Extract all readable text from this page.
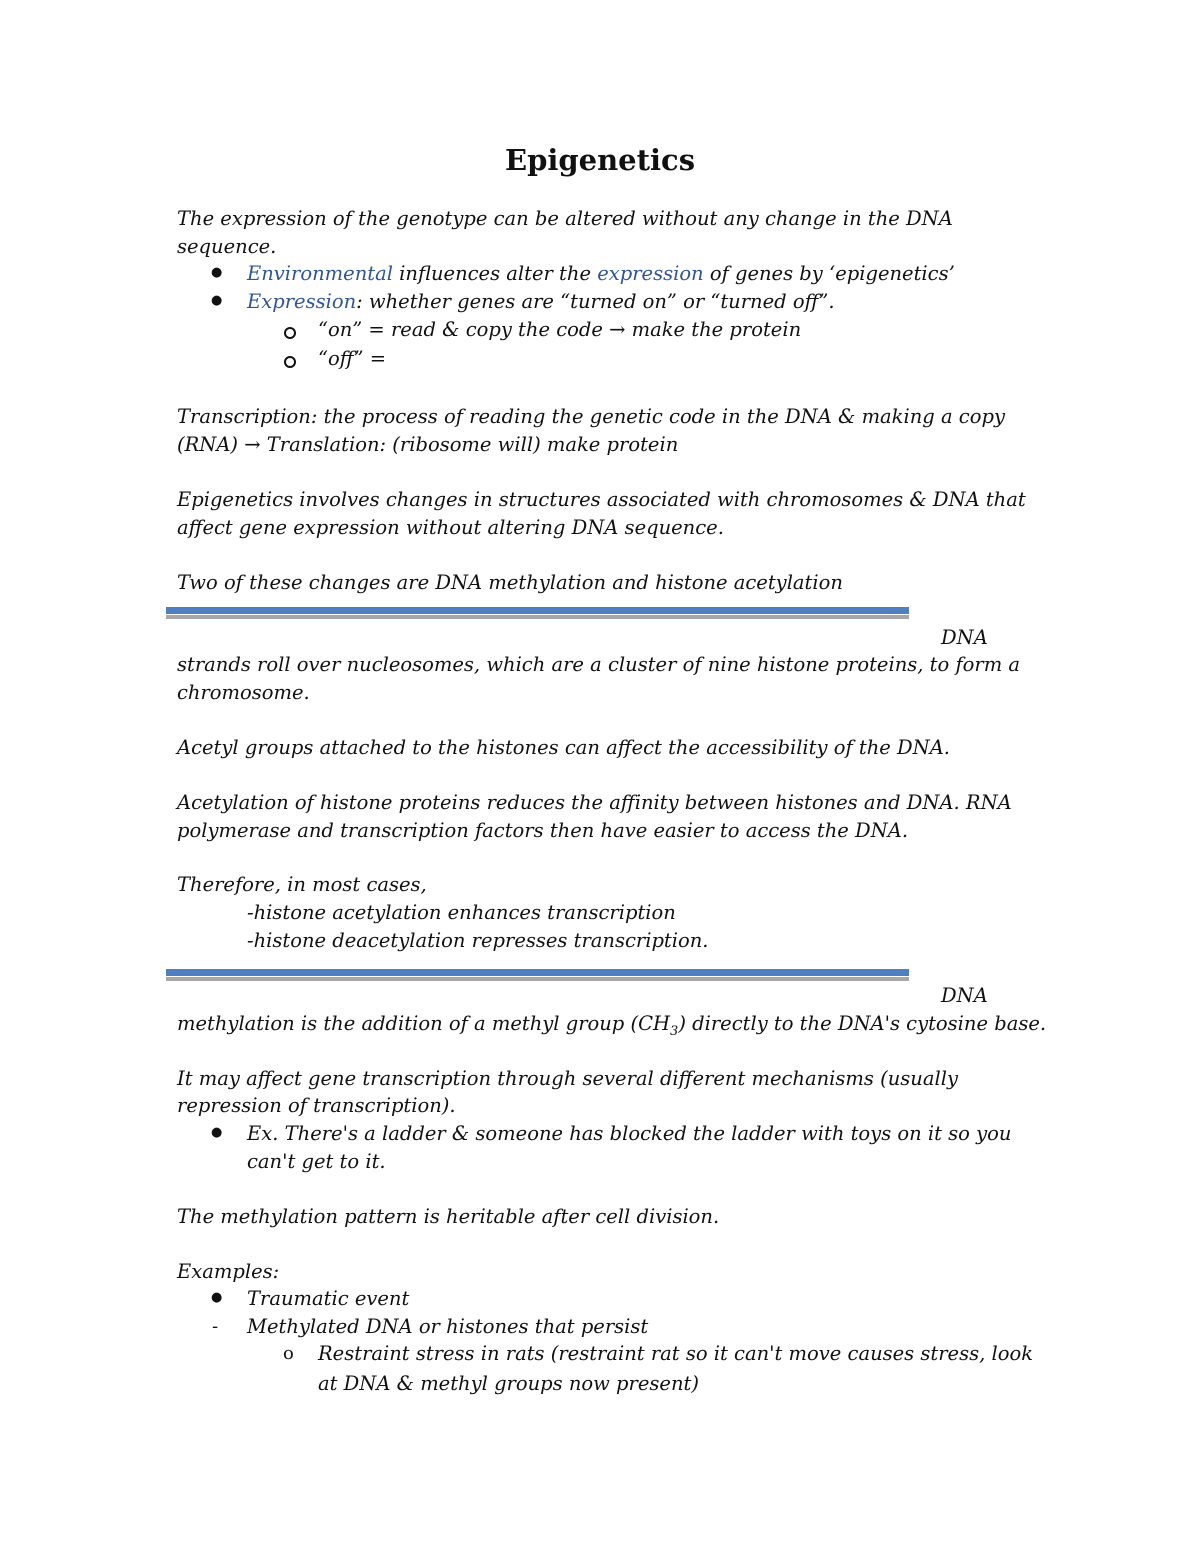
Epigenetics

The expression of the genotype can be altered without any change in the DNA

sequence.

● Environmental influences alter the expression of genes by ‘epigenetics’

● Expression: whether genes are “turned on” or “turned off”.

“on” = read & copy the code → make the protein

“off” =

Transcription: the process of reading the genetic code in the DNA & making a copy

(RNA) → Translation: (ribosome will) make protein

Epigenetics involves changes in structures associated with chromosomes & DNA that

affect gene expression without altering DNA sequence.

Two of these changes are DNA methylation and histone acetylation

DNA

strands roll over nucleosomes, which are a cluster of nine histone proteins, to form a

chromosome.

Acetyl groups attached to the histones can affect the accessibility of the DNA.

Acetylation of histone proteins reduces the affinity between histones and DNA. RNA

polymerase and transcription factors then have easier to access the DNA.

Therefore, in most cases,

-histone acetylation enhances transcription

-histone deacetylation represses transcription.

DNA

methylation is the addition of a methyl group $(CH_3)$ directly to the DNA's cytosine base.

It may affect gene transcription through several different mechanisms (usually

repression of transcription).

● Ex. There's a ladder & someone has blocked the ladder with toys on it so you

can't get to it.

The methylation pattern is heritable after cell division.

Examples:

● Traumatic event

- Methylated DNA or histones that persist

o Restraint stress in rats (restraint rat so it can't move causes stress, look

at DNA & methyl groups now present)
